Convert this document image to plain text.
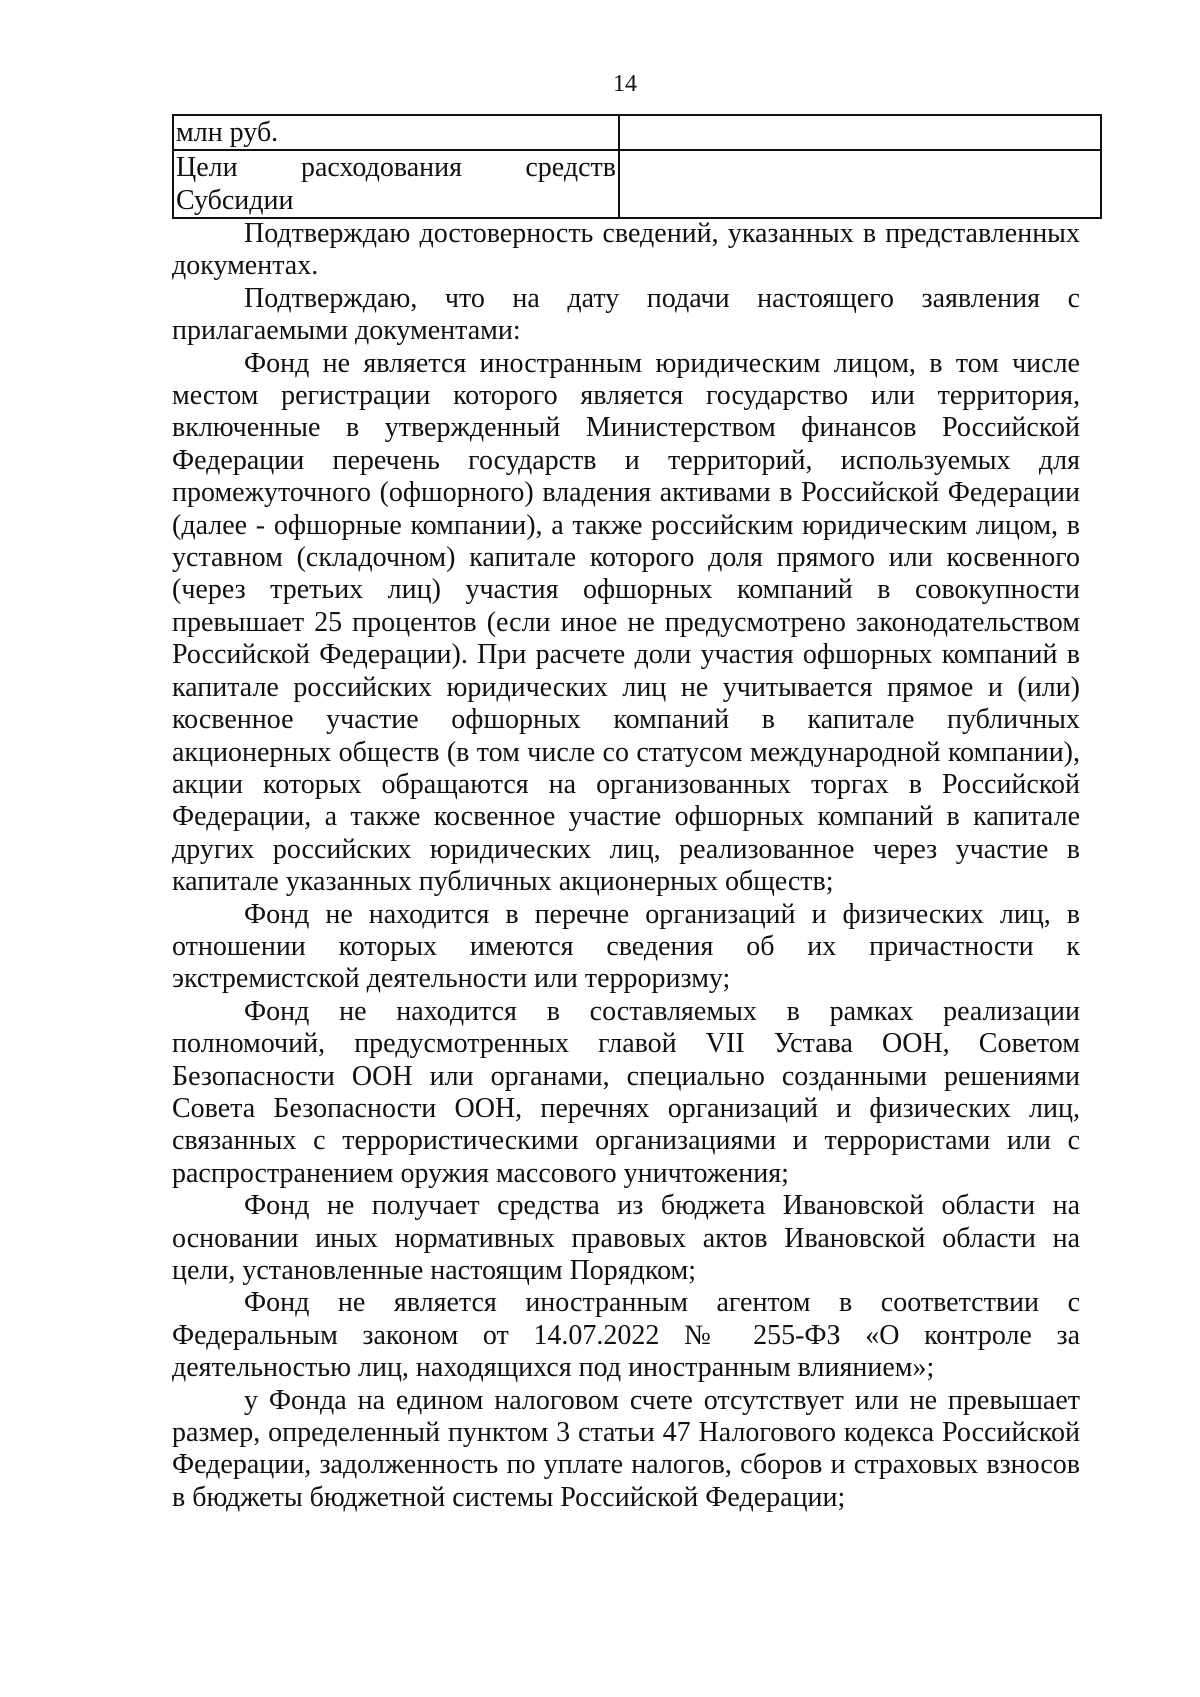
14
млн руб.	
Цели расходования средств Субсидии	

Подтверждаю достоверность сведений, указанных в представленных документах.

Подтверждаю, что на дату подачи настоящего заявления с прилагаемыми документами:

Фонд не является иностранным юридическим лицом, в том числе местом регистрации которого является государство или территория, включенные в утвержденный Министерством финансов Российской Федерации перечень государств и территорий, используемых для промежуточного (офшорного) владения активами в Российской Федерации (далее - офшорные компании), а также российским юридическим лицом, в уставном (складочном) капитале которого доля прямого или косвенного (через третьих лиц) участия офшорных компаний в совокупности превышает 25 процентов (если иное не предусмотрено законодательством Российской Федерации). При расчете доли участия офшорных компаний в капитале российских юридических лиц не учитывается прямое и (или) косвенное участие офшорных компаний в капитале публичных акционерных обществ (в том числе со статусом международной компании), акции которых обращаются на организованных торгах в Российской Федерации, а также косвенное участие офшорных компаний в капитале других российских юридических лиц, реализованное через участие в капитале указанных публичных акционерных обществ;

Фонд не находится в перечне организаций и физических лиц, в отношении которых имеются сведения об их причастности к экстремистской деятельности или терроризму;

Фонд не находится в составляемых в рамках реализации полномочий, предусмотренных главой VII Устава ООН, Советом Безопасности ООН или органами, специально созданными решениями Совета Безопасности ООН, перечнях организаций и физических лиц, связанных с террористическими организациями и террористами или с распространением оружия массового уничтожения;

Фонд не получает средства из бюджета Ивановской области на основании иных нормативных правовых актов Ивановской области на цели, установленные настоящим Порядком;

Фонд не является иностранным агентом в соответствии с Федеральным законом от 14.07.2022 № 255-ФЗ «О контроле за деятельностью лиц, находящихся под иностранным влиянием»;

у Фонда на едином налоговом счете отсутствует или не превышает размер, определенный пунктом 3 статьи 47 Налогового кодекса Российской Федерации, задолженность по уплате налогов, сборов и страховых взносов в бюджеты бюджетной системы Российской Федерации;
